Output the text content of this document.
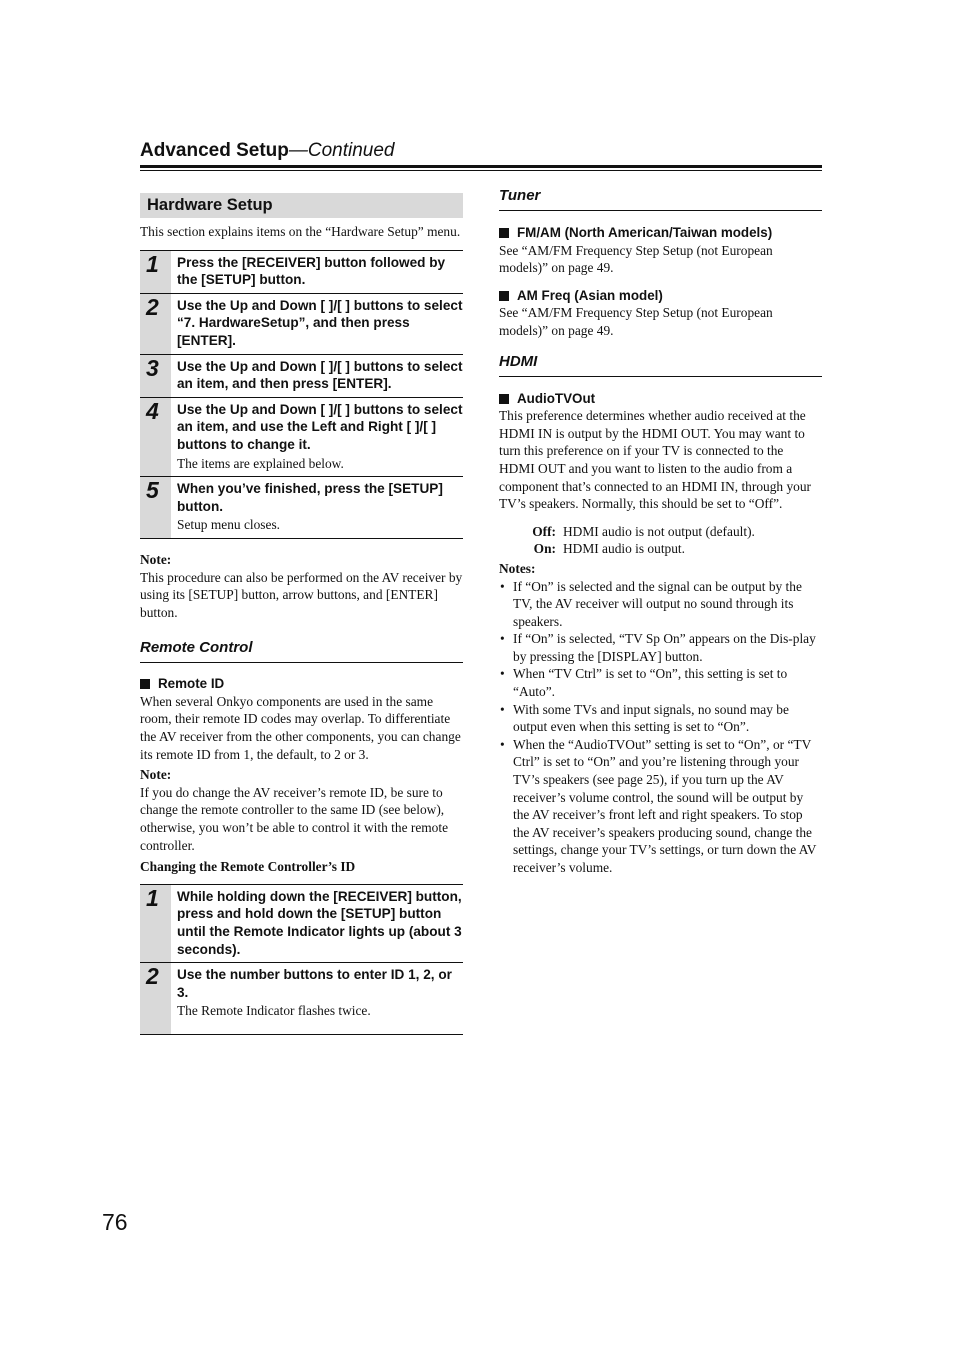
Advanced Setup—Continued
Hardware Setup

This section explains items on the “Hardware Setup” menu.

1	Press the [RECEIVER] button followed by the [SETUP] button.
2	Use the Up and Down [ ]/[ ] buttons to select “7. HardwareSetup”, and then press [ENTER].
3	Use the Up and Down [ ]/[ ] buttons to select an item, and then press [ENTER].
4	Use the Up and Down [ ]/[ ] buttons to select an item, and use the Left and Right [ ]/[ ] buttons to change it.
The items are explained below.
5	When you’ve finished, press the [SETUP] button.
Setup menu closes.
Note:

This procedure can also be performed on the AV receiver by using its [SETUP] button, arrow buttons, and [ENTER] button.

Remote Control
Remote ID

When several Onkyo components are used in the same room, their remote ID codes may overlap. To differentiate the AV receiver from the other components, you can change its remote ID from 1, the default, to 2 or 3.

Note:

If you do change the AV receiver’s remote ID, be sure to change the remote controller to the same ID (see below), otherwise, you won’t be able to control it with the remote controller.

Changing the Remote Controller’s ID
1	While holding down the [RECEIVER] button, press and hold down the [SETUP] button until the Remote Indicator lights up (about 3 seconds).
2	Use the number buttons to enter ID 1, 2, or 3.
The Remote Indicator flashes twice.
Tuner
FM/AM (North American/Taiwan models)

See “AM/FM Frequency Step Setup (not European models)” on page 49.

AM Freq (Asian model)

See “AM/FM Frequency Step Setup (not European models)” on page 49.

HDMI
AudioTVOut

This preference determines whether audio received at the HDMI IN is output by the HDMI OUT. You may want to turn this preference on if your TV is connected to the HDMI OUT and you want to listen to the audio from a component that’s connected to an HDMI IN, through your TV’s speakers. Normally, this should be set to “Off”.

Off: HDMI audio is not output (default).
On: HDMI audio is output.
Notes:
• If “On” is selected and the signal can be output by the TV, the AV receiver will output no sound through its speakers.
• If “On” is selected, “TV Sp On” appears on the Dis-play by pressing the [DISPLAY] button.
• When “TV Ctrl” is set to “On”, this setting is set to “Auto”.
• With some TVs and input signals, no sound may be output even when this setting is set to “On”.
• When the “AudioTVOut” setting is set to “On”, or “TV Ctrl” is set to “On” and you’re listening through your TV’s speakers (see page 25), if you turn up the AV receiver’s volume control, the sound will be output by the AV receiver’s front left and right speakers. To stop the AV receiver’s speakers producing sound, change the settings, change your TV’s settings, or turn down the AV receiver’s volume.
76
